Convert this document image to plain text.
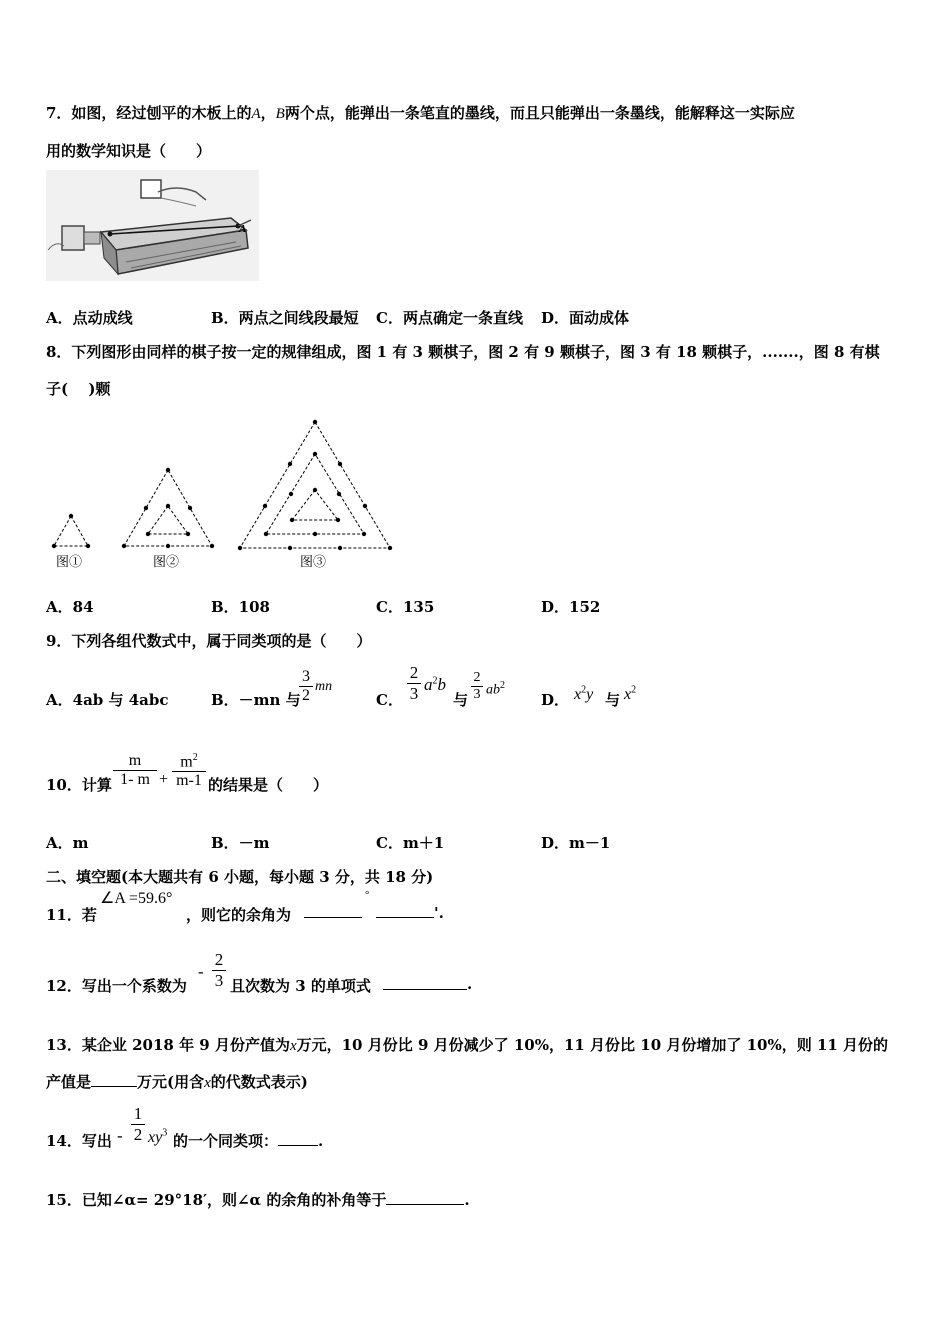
7．如图，经过刨平的木板上的A，B两个点，能弹出一条笔直的墨线，而且只能弹出一条墨线，能解释这一实际应
用的数学知识是（　　）
A
A．点动成线	B．两点之间线段最短 C．两点确定一条直线 D．面动成体
8．下列图形由同样的棋子按一定的规律组成，图 1 有 3 颗棋子，图 2 有 9 颗棋子，图 3 有 18 颗棋子，.......，图 8 有棋
子(　 )颗
图①	图②	图③
A．84	B．108	C．135	D．152
9．下列各组代数式中，属于同类项的是（　　）
A．4ab 与 4abc	B．－mn 与
$\frac{3}{2}$ mn
C． $\frac{2}{3} a^2b$
与 $\frac{2}{3} ab^2$
D． $x^2y$ 与 $x^2$
10．计算 $\frac{m}{1- m} + \frac{m^2}{m-1}$ 的结果是（　　）
A．m	B．－m	C．m＋1	D．m－1
二、填空题(本大题共有 6 小题，每小题 3 分，共 18 分)
11．若
∠A =59.6°
，则它的余角为
°
'.
12．写出一个系数为
- $\frac{2}{3}$ 且次数为 3 的单项式	.
13．某企业 2018 年 9 月份产值为x万元，10 月份比 9 月份减少了 10%，11 月份比 10 月份增加了 10%，则 11 月份的
产值是	万元(用含x的代数式表示)
14．写出 - $\frac{1}{2} xy^3$ 的一个同类项：	.
15．已知∠α= 29°18′，则∠α 的余角的补角等于	.
